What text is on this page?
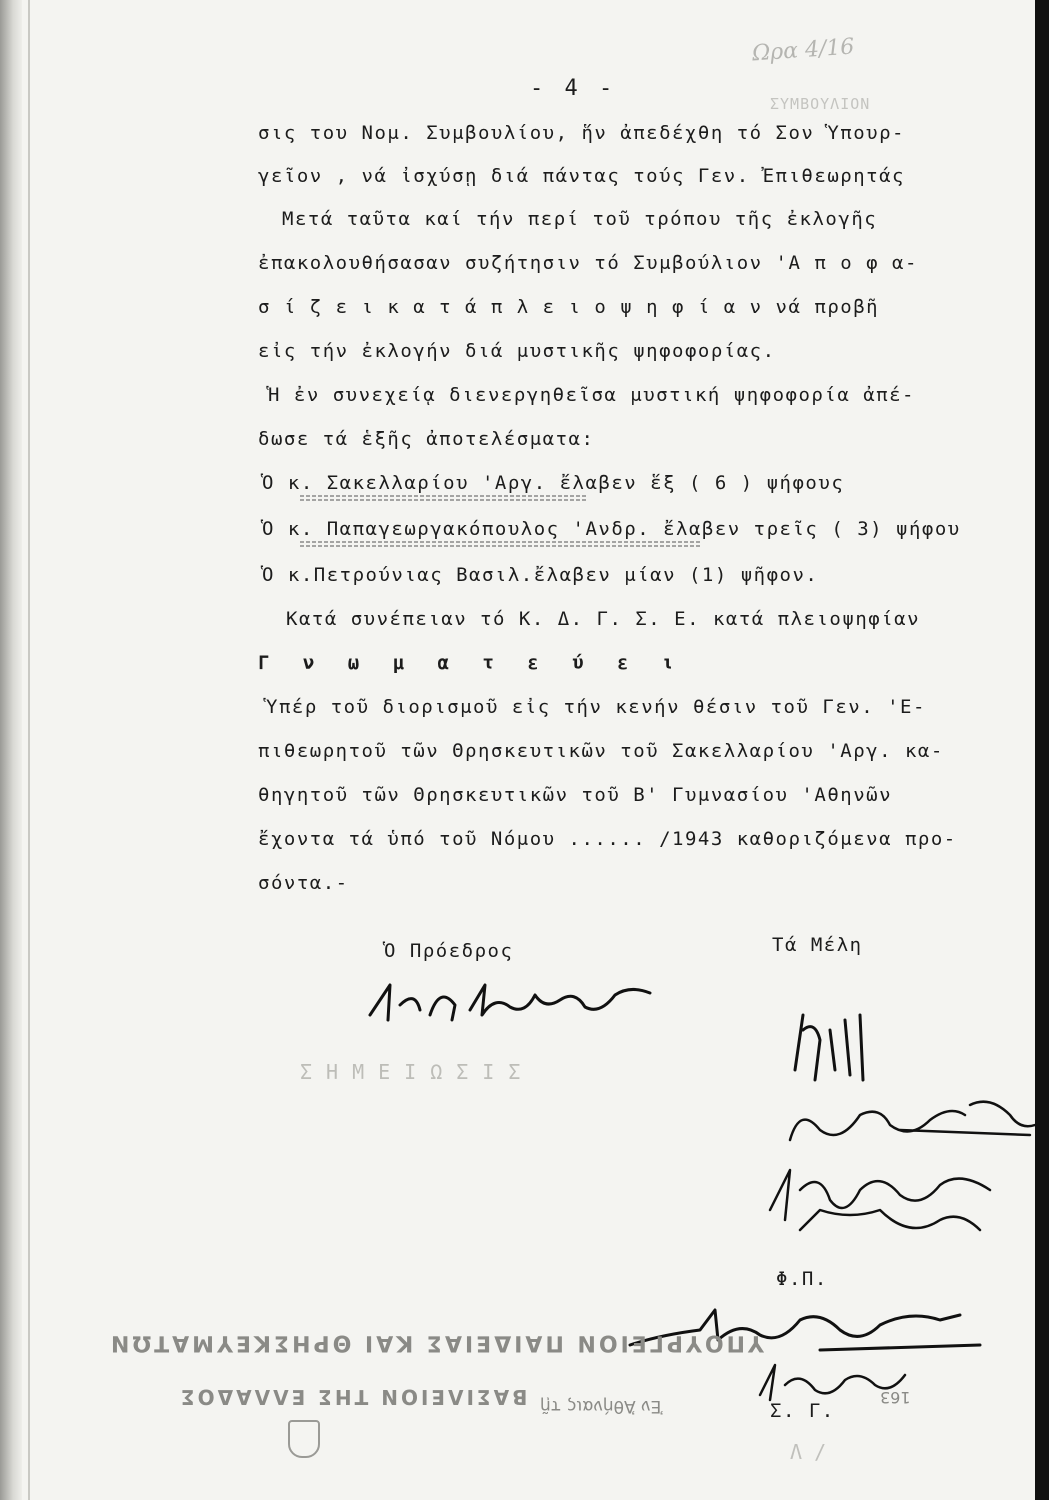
Ωρα 4/16
ΣΥΜΒΟΥΛΙΟΝ
ΣΗΜΕΙΩΣΙΣ
- 4 -
σις του Νομ. Συμβουλίου, ἥν ἀπεδέχθη τό Σον Ὑπουρ-
γεῖον , νά ἰσχύσῃ διά πάντας τούς Γεν. Ἐπιθεωρητάς
Μετά ταῦτα καί τήν περί τοῦ τρόπου τῆς ἐκλογῆς
ἐπακολουθήσασαν συζήτησιν τό Συμβούλιον 'Α π ο φ α-
σ ί ζ ε ι κ α τ ά π λ ε ι ο ψ η φ ί α ν νά προβῆ
εἰς τήν ἐκλογήν διά μυστικῆς ψηφοφορίας.
Ἡ ἐν συνεχείᾳ διενεργηθεῖσα μυστική ψηφοφορία ἀπέ-
δωσε τά ἑξῆς ἀποτελέσματα:
Ὁ κ. Σακελλαρίου 'Αργ. ἔλαβεν ἕξ ( 6 ) ψήφους
Ὁ κ. Παπαγεωργακόπουλος 'Ανδρ. ἔλαβεν τρεῖς ( 3) ψήφου
Ὁ κ.Πετρούνιας Βασιλ.ἔλαβεν μίαν (1) ψῆφον.
Κατά συνέπειαν τό Κ. Δ. Γ. Σ. Ε. κατά πλειοψηφίαν
Γ ν ω μ α τ ε ύ ε ι
Ὑπέρ τοῦ διορισμοῦ εἰς τήν κενήν θέσιν τοῦ Γεν. 'Ε-
πιθεωρητοῦ τῶν Θρησκευτικῶν τοῦ Σακελλαρίου 'Αργ. κα-
θηγητοῦ τῶν Θρησκευτικῶν τοῦ Β' Γυμνασίου 'Αθηνῶν
ἔχοντα τά ὑπό τοῦ Νόμου ...... /1943 καθοριζόμενα προ-
σόντα.-
Ὁ Πρόεδρος	Τά Μέλη
Φ.Π.
Σ. Γ.
ΥΠΟΥΡΓΕΙΟΝ ΠΑΙΔΕΙΑΣ ΚΑΙ ΘΡΗΣΚΕΥΜΑΤΩΝ
ΒΑΣΙΛΕΙΟΝ ΤΗΣ ΕΛΛΑΔΟΣ Ἐν Ἀθήναις τῇ	163
Λ /
